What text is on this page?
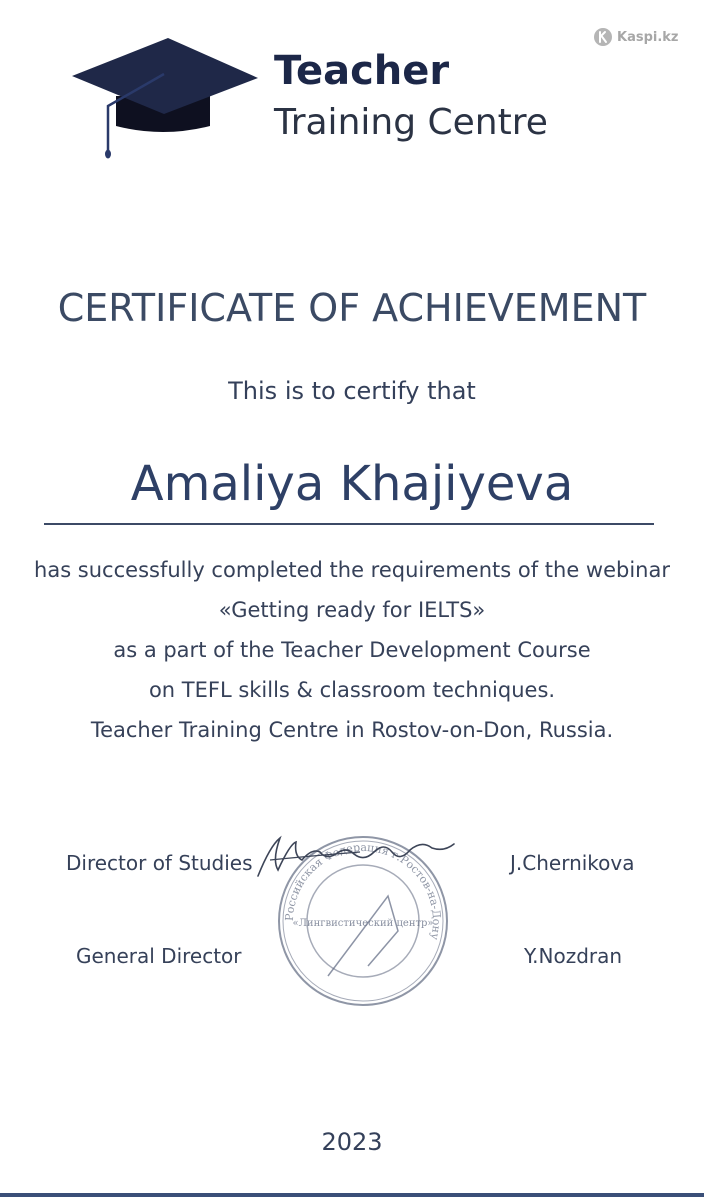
Kaspi.kz
Teacher
Training Centre
CERTIFICATE OF ACHIEVEMENT
This is to certify that
Amaliya Khajiyeva
has successfully completed the requirements of the webinar
«Getting ready for IELTS»
as a part of the Teacher Development Course
on TEFL skills & classroom techniques.
Teacher Training Centre in Rostov-on-Don, Russia.
Российская Федерация г.Ростов-на-Дону
«Лингвистический центр»
Director of Studies	J.Chernikova
General Director	Y.Nozdran
2023
